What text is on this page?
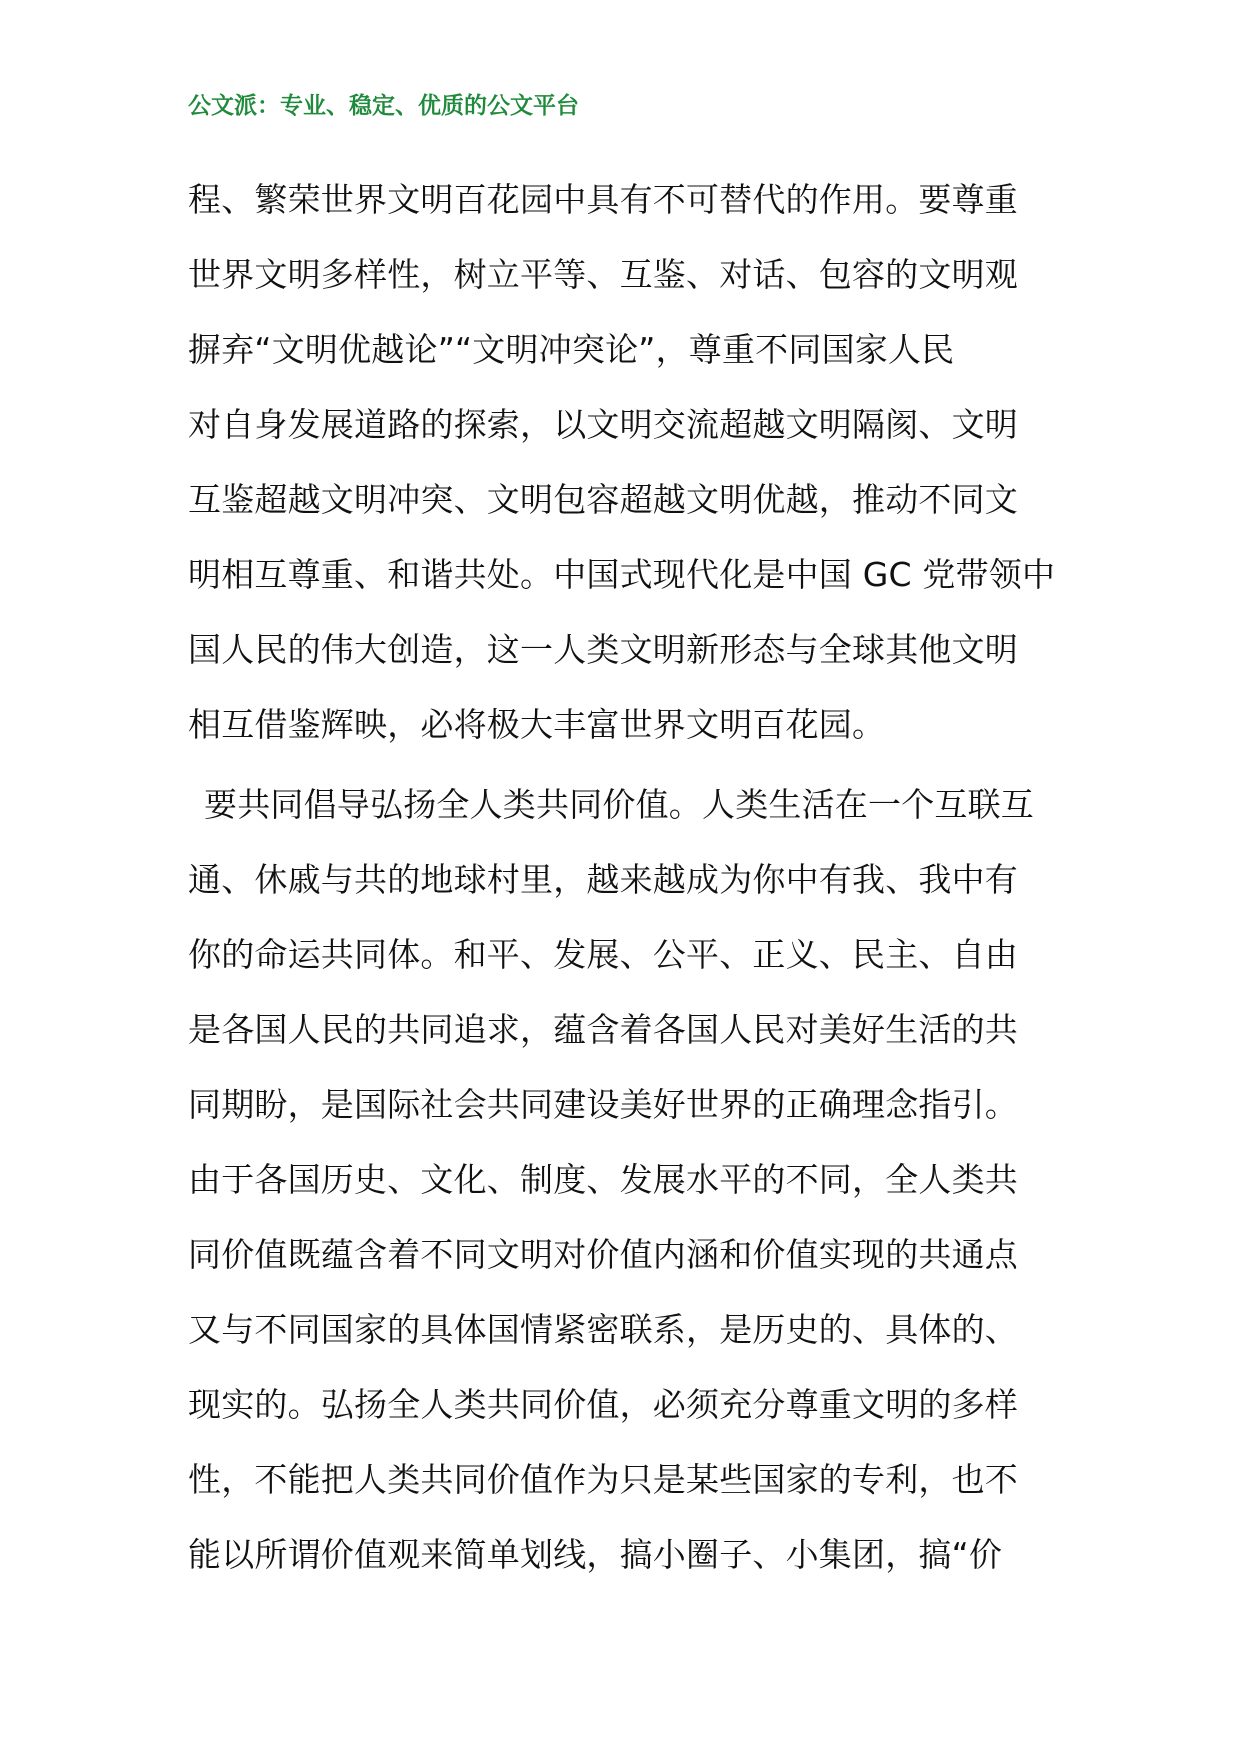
公文派：专业、稳定、优质的公文平台
程、繁荣世界文明百花园中具有不可替代的作用。要尊重
世界文明多样性，树立平等、互鉴、对话、包容的文明观
摒弃“文明优越论”“文明冲突论”，尊重不同国家人民
对自身发展道路的探索，以文明交流超越文明隔阂、文明
互鉴超越文明冲突、文明包容超越文明优越，推动不同文
明相互尊重、和谐共处。中国式现代化是中国 GC 党带领中
国人民的伟大创造，这一人类文明新形态与全球其他文明
相互借鉴辉映，必将极大丰富世界文明百花园。
要共同倡导弘扬全人类共同价值。人类生活在一个互联互
通、休戚与共的地球村里，越来越成为你中有我、我中有
你的命运共同体。和平、发展、公平、正义、民主、自由
是各国人民的共同追求，蕴含着各国人民对美好生活的共
同期盼，是国际社会共同建设美好世界的正确理念指引。
由于各国历史、文化、制度、发展水平的不同，全人类共
同价值既蕴含着不同文明对价值内涵和价值实现的共通点
又与不同国家的具体国情紧密联系，是历史的、具体的、
现实的。弘扬全人类共同价值，必须充分尊重文明的多样
性，不能把人类共同价值作为只是某些国家的专利，也不
能以所谓价值观来简单划线，搞小圈子、小集团，搞“价
